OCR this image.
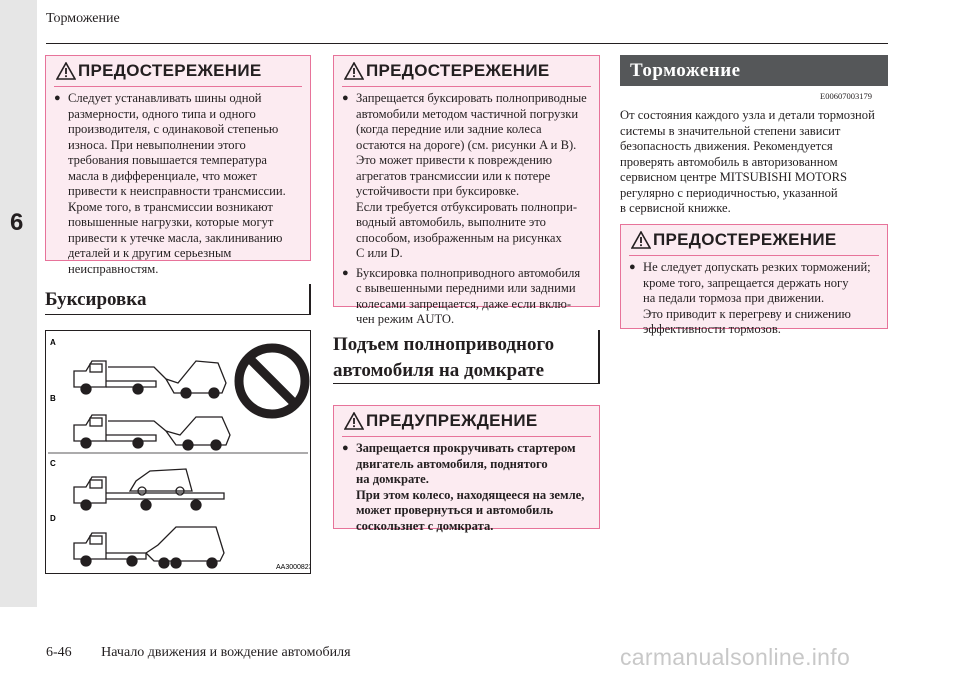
6
Торможение
ПРЕДОСТЕРЕЖЕНИЕ
● Следует устанавливать шины одной
размерности, одного типа и одного
производителя, с одинаковой степенью
износа. При невыполнении этого
требования повышается температура
масла в дифференциале, что может
привести к неисправности трансмиссии.
Кроме того, в трансмиссии возникают
повышенные нагрузки, которые могут
привести к утечке масла, заклиниванию
деталей и к другим серьезным
неисправностям.
Буксировка
A
B
C
D
AA3000823
ПРЕДОСТЕРЕЖЕНИЕ
● Запрещается буксировать полноприводные
автомобили методом частичной погрузки
(когда передние или задние колеса
остаются на дороге) (см. рисунки A и B).
Это может привести к повреждению
агрегатов трансмиссии или к потере
устойчивости при буксировке.
Если требуется отбуксировать полнопри-
водный автомобиль, выполните это
способом, изображенным на рисунках
C или D.
● Буксировка полноприводного автомобиля
с вывешенными передними или задними
колесами запрещается, даже если вклю-
чен режим AUTO.
Подъем полноприводного
автомобиля на домкрате
ПРЕДУПРЕЖДЕНИЕ
● Запрещается прокручивать стартером
двигатель автомобиля, поднятого
на домкрате.
При этом колесо, находящееся на земле,
может провернуться и автомобиль
соскользнет с домкрата.
Торможение
E00607003179
От состояния каждого узла и детали тормозной
системы в значительной степени зависит
безопасность движения. Рекомендуется
проверять автомобиль в авторизованном
сервисном центре MITSUBISHI MOTORS
регулярно с периодичностью, указанной
в сервисной книжке.
ПРЕДОСТЕРЕЖЕНИЕ
● Не следует допускать резких торможений;
кроме того, запрещается держать ногу
на педали тормоза при движении.
Это приводит к перегреву и снижению
эффективности тормозов.
6-46 Начало движения и вождение автомобиля	carmanualsonline.info
